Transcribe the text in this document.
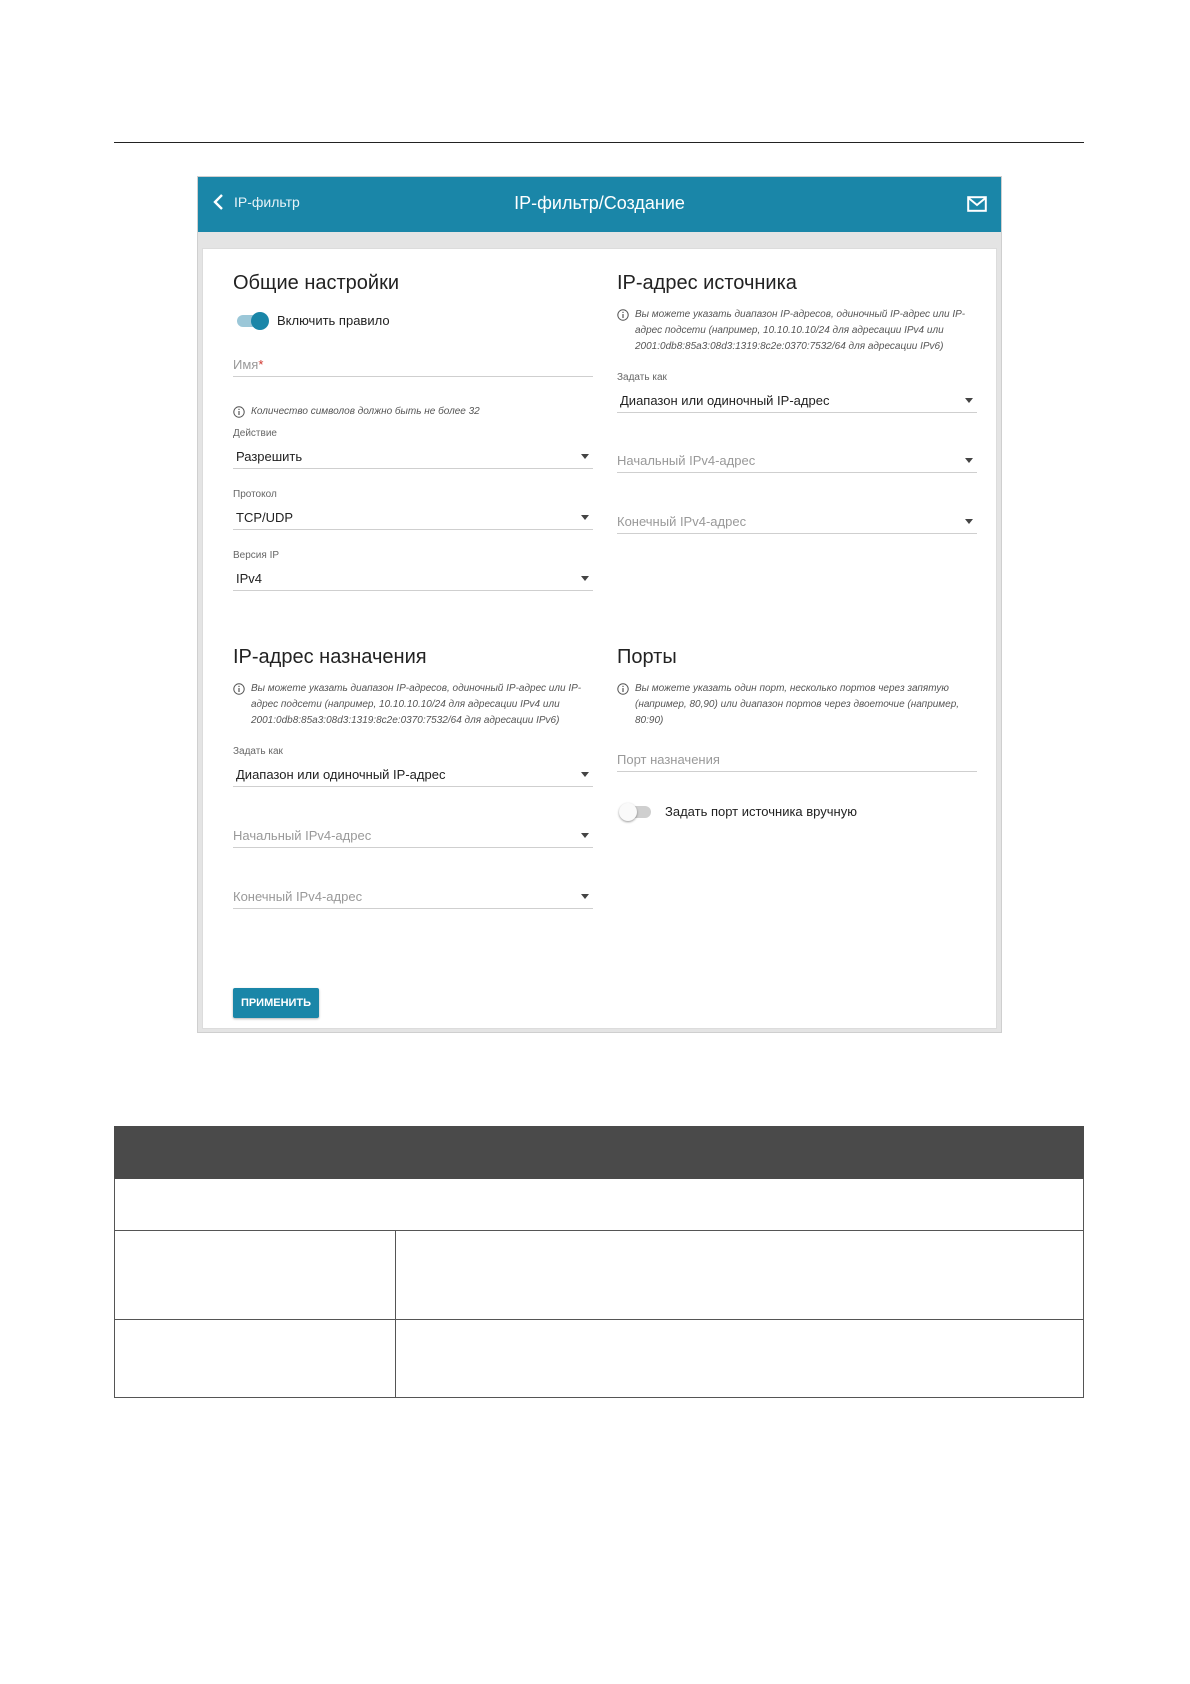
IP-фильтр	IP-фильтр/Создание
Общие настройки
Включить правило
Имя*
Количество символов должно быть не более 32
Действие
Разрешить
Протокол
TCP/UDP
Версия IP
IPv4
IP-адрес источника
Вы можете указать диапазон IP-адресов, одиночный IP-адрес или IP-адрес подсети (например, 10.10.10.10/24 для адресации IPv4 или 2001:0db8:85a3:08d3:1319:8c2e:0370:7532/64 для адресации IPv6)
Задать как
Диапазон или одиночный IP-адрес
Начальный IPv4-адрес
Конечный IPv4-адрес
IP-адрес назначения
Вы можете указать диапазон IP-адресов, одиночный IP-адрес или IP-адрес подсети (например, 10.10.10.10/24 для адресации IPv4 или 2001:0db8:85a3:08d3:1319:8c2e:0370:7532/64 для адресации IPv6)
Задать как
Диапазон или одиночный IP-адрес
Начальный IPv4-адрес
Конечный IPv4-адрес
Порты
Вы можете указать один порт, несколько портов через запятую (например, 80,90) или диапазон портов через двоеточие (например, 80:90)
Порт назначения
Задать порт источника вручную
ПРИМЕНИТЬ
